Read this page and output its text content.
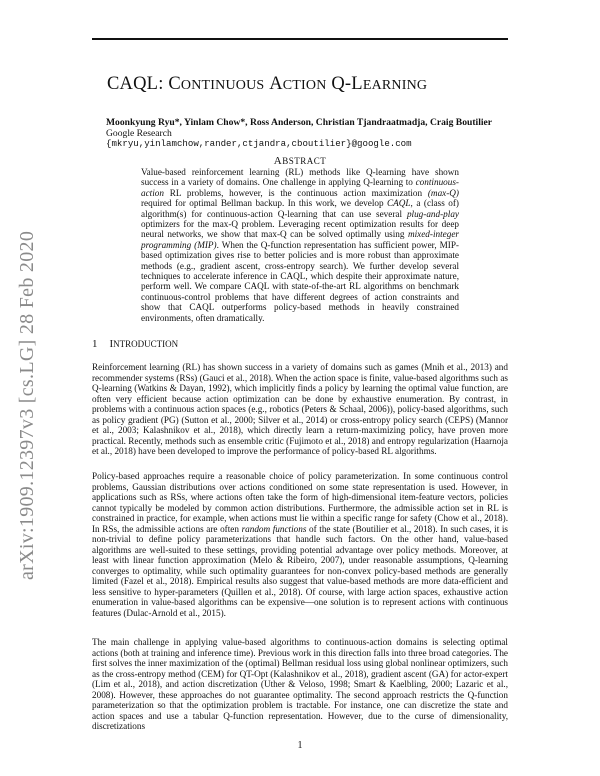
CAQL: CONTINUOUS ACTION Q-LEARNING
arXiv:1909.12397v3 [cs.LG] 28 Feb 2020
Moonkyung Ryu*, Yinlam Chow*, Ross Anderson, Christian Tjandraatmadja, Craig Boutilier
Google Research
{mkryu,yinlamchow,rander,ctjandra,cboutilier}@google.com
ABSTRACT
Value-based reinforcement learning (RL) methods like Q-learning have shown success in a variety of domains. One challenge in applying Q-learning to continuous-action RL problems, however, is the continuous action maximization (max-Q) required for optimal Bellman backup. In this work, we develop CAQL, a (class of) algorithm(s) for continuous-action Q-learning that can use several plug-and-play optimizers for the max-Q problem. Leveraging recent optimization results for deep neural networks, we show that max-Q can be solved optimally using mixed-integer programming (MIP). When the Q-function representation has sufficient power, MIP-based optimization gives rise to better policies and is more robust than approximate methods (e.g., gradient ascent, cross-entropy search). We further develop several techniques to accelerate inference in CAQL, which despite their approximate nature, perform well. We compare CAQL with state-of-the-art RL algorithms on benchmark continuous-control problems that have different degrees of action constraints and show that CAQL outperforms policy-based methods in heavily constrained environments, often dramatically.
1 INTRODUCTION
Reinforcement learning (RL) has shown success in a variety of domains such as games (Mnih et al., 2013) and recommender systems (RSs) (Gauci et al., 2018). When the action space is finite, value-based algorithms such as Q-learning (Watkins & Dayan, 1992), which implicitly finds a policy by learning the optimal value function, are often very efficient because action optimization can be done by exhaustive enumeration. By contrast, in problems with a continuous action spaces (e.g., robotics (Peters & Schaal, 2006)), policy-based algorithms, such as policy gradient (PG) (Sutton et al., 2000; Silver et al., 2014) or cross-entropy policy search (CEPS) (Mannor et al., 2003; Kalashnikov et al., 2018), which directly learn a return-maximizing policy, have proven more practical. Recently, methods such as ensemble critic (Fujimoto et al., 2018) and entropy regularization (Haarnoja et al., 2018) have been developed to improve the performance of policy-based RL algorithms.
Policy-based approaches require a reasonable choice of policy parameterization. In some continuous control problems, Gaussian distributions over actions conditioned on some state representation is used. However, in applications such as RSs, where actions often take the form of high-dimensional item-feature vectors, policies cannot typically be modeled by common action distributions. Furthermore, the admissible action set in RL is constrained in practice, for example, when actions must lie within a specific range for safety (Chow et al., 2018). In RSs, the admissible actions are often random functions of the state (Boutilier et al., 2018). In such cases, it is non-trivial to define policy parameterizations that handle such factors. On the other hand, value-based algorithms are well-suited to these settings, providing potential advantage over policy methods. Moreover, at least with linear function approximation (Melo & Ribeiro, 2007), under reasonable assumptions, Q-learning converges to optimality, while such optimality guarantees for non-convex policy-based methods are generally limited (Fazel et al., 2018). Empirical results also suggest that value-based methods are more data-efficient and less sensitive to hyper-parameters (Quillen et al., 2018). Of course, with large action spaces, exhaustive action enumeration in value-based algorithms can be expensive—one solution is to represent actions with continuous features (Dulac-Arnold et al., 2015).
The main challenge in applying value-based algorithms to continuous-action domains is selecting optimal actions (both at training and inference time). Previous work in this direction falls into three broad categories. The first solves the inner maximization of the (optimal) Bellman residual loss using global nonlinear optimizers, such as the cross-entropy method (CEM) for QT-Opt (Kalashnikov et al., 2018), gradient ascent (GA) for actor-expert (Lim et al., 2018), and action discretization (Uther & Veloso, 1998; Smart & Kaelbling, 2000; Lazaric et al., 2008). However, these approaches do not guarantee optimality. The second approach restricts the Q-function parameterization so that the optimization problem is tractable. For instance, one can discretize the state and action spaces and use a tabular Q-function representation. However, due to the curse of dimensionality, discretizations
1
